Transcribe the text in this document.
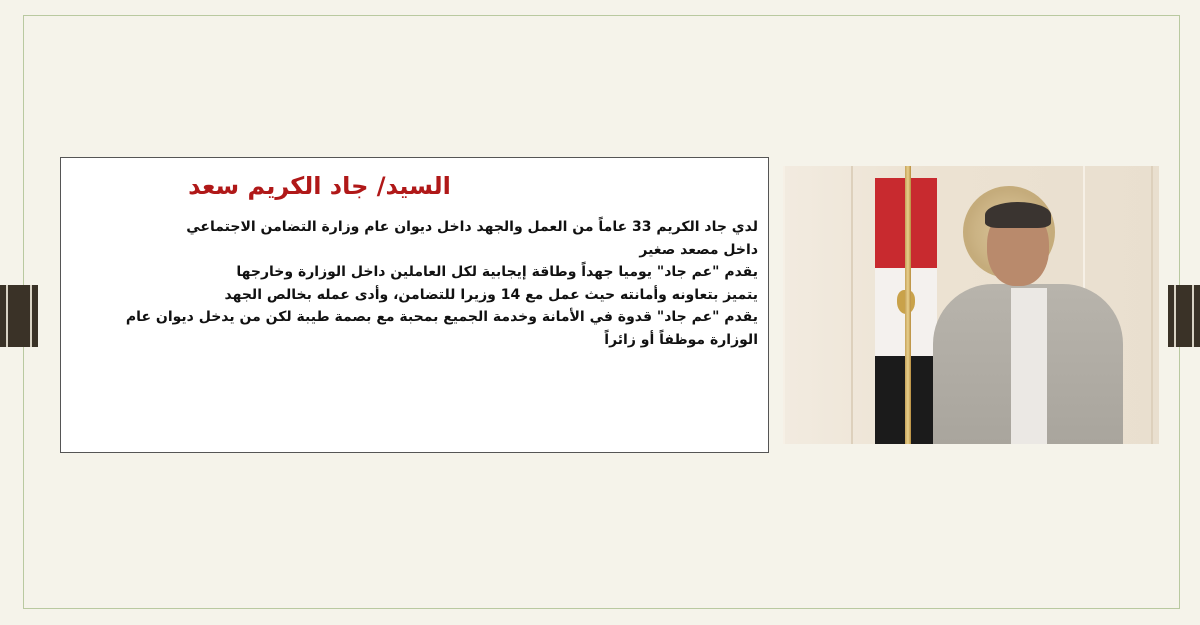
السيد/ جاد الكريم سعد

لدي جاد الكريم 33 عاماً من العمل والجهد داخل ديوان عام وزارة التضامن الاجتماعي

داخل مصعد صغير

يقدم "عم جاد" يوميا جهداً وطاقة إيجابية لكل العاملين داخل الوزارة وخارجها

يتميز بتعاونه وأمانته حيث عمل مع 14 وزيرا للتضامن، وأدى عمله بخالص الجهد

يقدم "عم جاد" قدوة في الأمانة وخدمة الجميع بمحبة مع بصمة طيبة لكن من يدخل ديوان عام

الوزارة موظفاً أو زائراً
